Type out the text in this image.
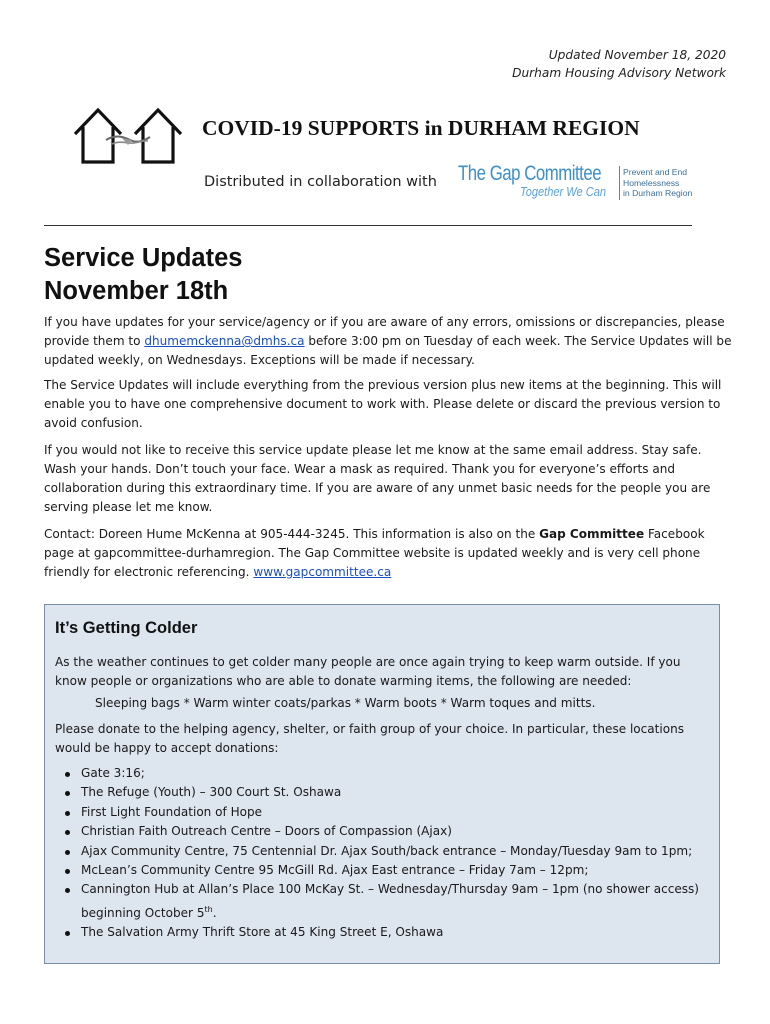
Updated November 18, 2020
Durham Housing Advisory Network
COVID-19 SUPPORTS in DURHAM REGION
Distributed in collaboration with The Gap Committee
Together We Can
Prevent and End
Homelessness
in Durham Region
Service Updates
November 18th

If you have updates for your service/agency or if you are aware of any errors, omissions or discrepancies, please provide them to dhumemckenna@dmhs.ca before 3:00 pm on Tuesday of each week. The Service Updates will be updated weekly, on Wednesdays. Exceptions will be made if necessary.

The Service Updates will include everything from the previous version plus new items at the beginning. This will enable you to have one comprehensive document to work with. Please delete or discard the previous version to avoid confusion.

If you would not like to receive this service update please let me know at the same email address. Stay safe. Wash your hands. Don’t touch your face. Wear a mask as required. Thank you for everyone’s efforts and collaboration during this extraordinary time. If you are aware of any unmet basic needs for the people you are serving please let me know.

Contact: Doreen Hume McKenna at 905-444-3245. This information is also on the Gap Committee Facebook page at gapcommittee-durhamregion. The Gap Committee website is updated weekly and is very cell phone friendly for electronic referencing. www.gapcommittee.ca

It’s Getting Colder

As the weather continues to get colder many people are once again trying to keep warm outside. If you know people or organizations who are able to donate warming items, the following are needed:

Sleeping bags * Warm winter coats/parkas * Warm boots * Warm toques and mitts.

Please donate to the helping agency, shelter, or faith group of your choice. In particular, these locations would be happy to accept donations:

Gate 3:16;
The Refuge (Youth) – 300 Court St. Oshawa
First Light Foundation of Hope
Christian Faith Outreach Centre – Doors of Compassion (Ajax)
Ajax Community Centre, 75 Centennial Dr. Ajax South/back entrance – Monday/Tuesday 9am to 1pm;
McLean’s Community Centre 95 McGill Rd. Ajax East entrance – Friday 7am – 12pm;
Cannington Hub at Allan’s Place 100 McKay St. – Wednesday/Thursday 9am – 1pm (no shower access) beginning October 5th.
The Salvation Army Thrift Store at 45 King Street E, Oshawa
